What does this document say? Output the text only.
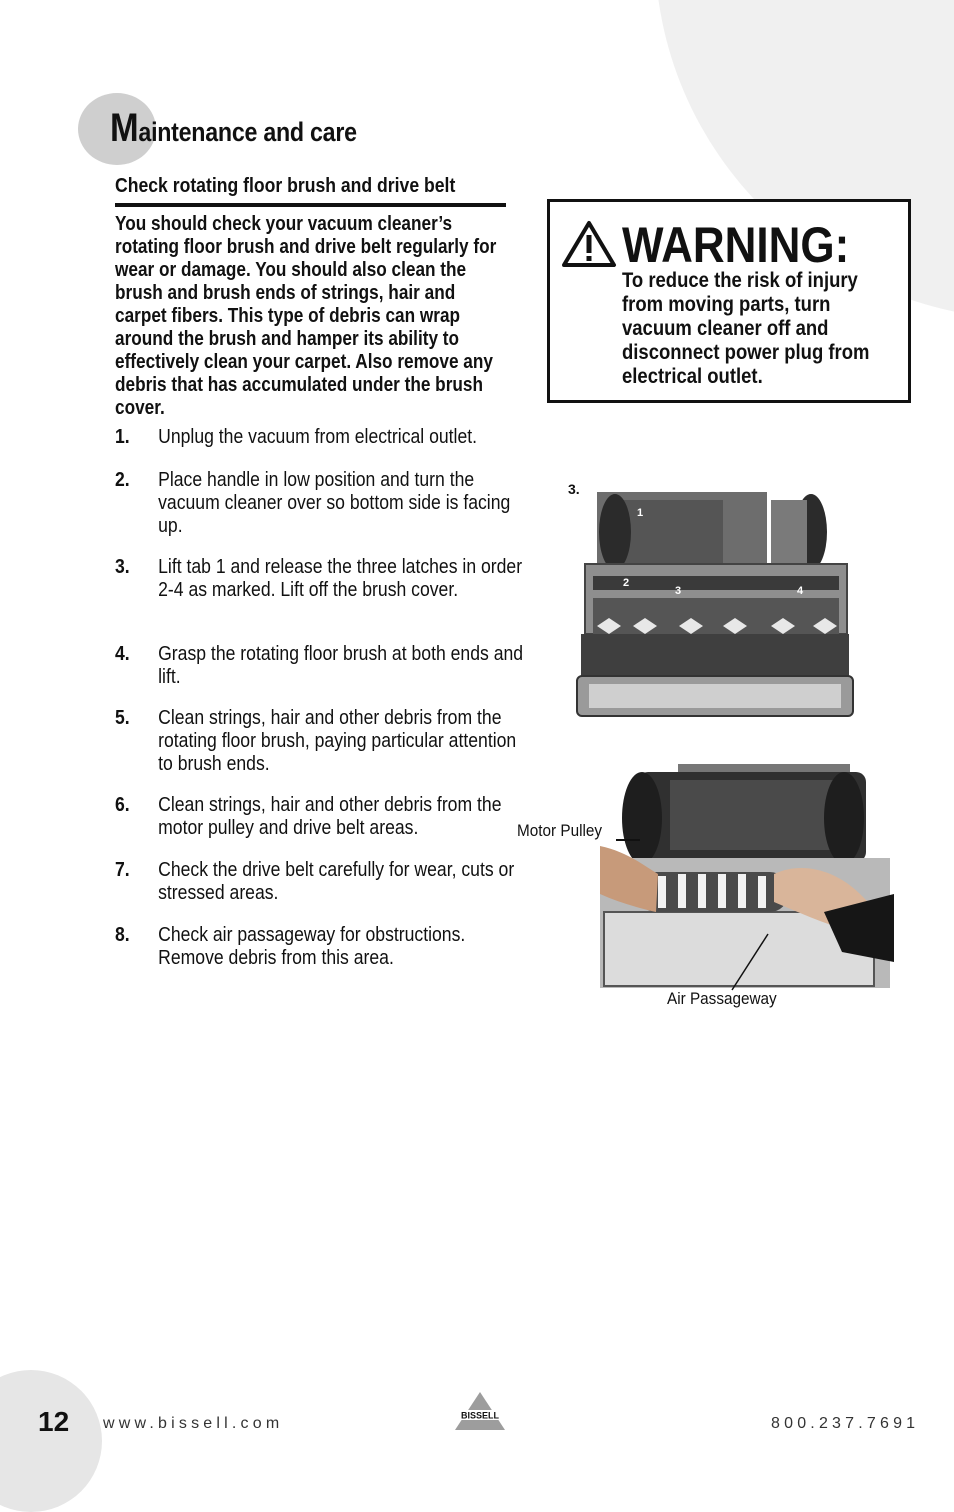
Maintenance and care
Check rotating floor brush and drive belt
You should check your vacuum cleaner’s rotating floor brush and drive belt regularly for wear or damage. You should also clean the brush and brush ends of strings, hair and carpet fibers. This type of debris can wrap around the brush and hamper its ability to effectively clean your carpet. Also remove any debris that has accumulated under the brush cover.
1. Unplug the vacuum from electrical outlet.
2. Place handle in low position and turn the vacuum cleaner over so bottom side is facing up.
3. Lift tab 1 and release the three latches in order 2-4 as marked. Lift off the brush cover.
4. Grasp the rotating floor brush at both ends and lift.
5. Clean strings, hair and other debris from the rotating floor brush, paying particular attention to brush ends.
6. Clean strings, hair and other debris from the motor pulley and drive belt areas.
7. Check the drive belt carefully for wear, cuts or stressed areas.
8. Check air passageway for obstructions. Remove debris from this area.
WARNING:
To reduce the risk of injury from moving parts, turn vacuum cleaner off and disconnect power plug from electrical outlet.
3.
1
2
3	4
Motor Pulley
Air Passageway
12 www.bissell.com	800.237.7691
BISSELL
